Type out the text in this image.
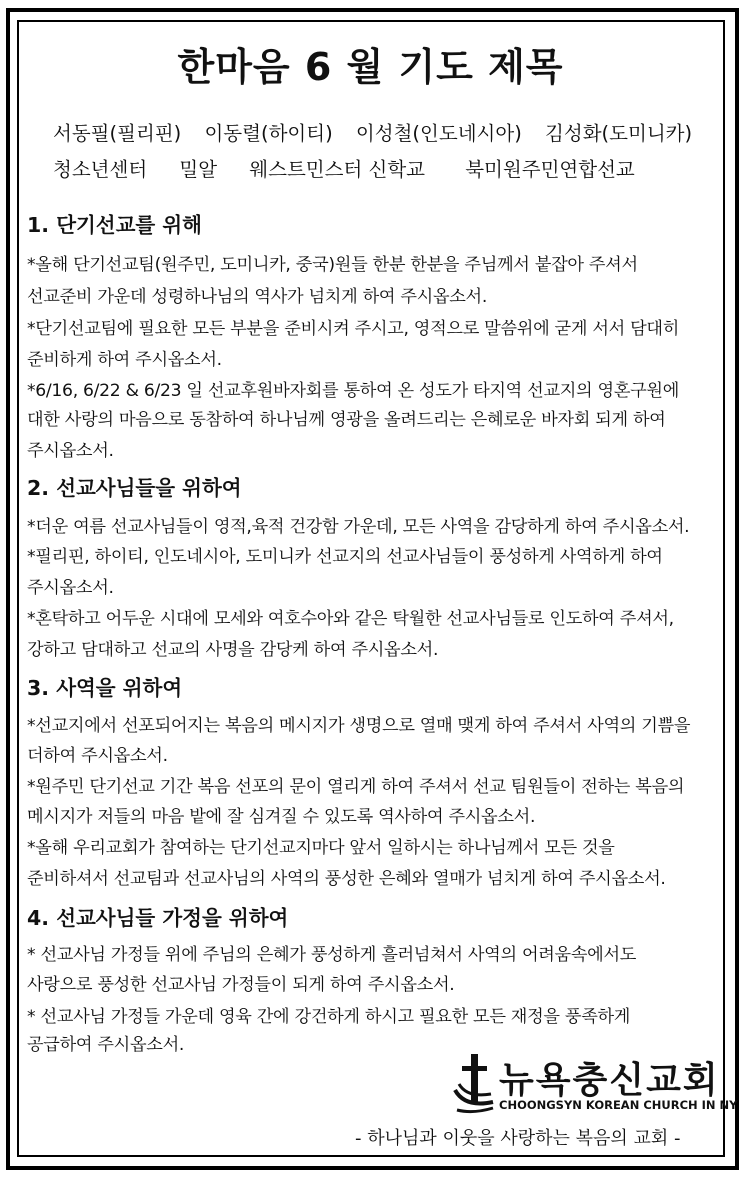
한마음 6 월 기도 제목
서동필(필리핀) 이동렬(하이티) 이성철(인도네시아) 김성화(도미니카)
청소년센터 밀알 웨스트민스터 신학교 북미원주민연합선교
1. 단기선교를 위해
*올해 단기선교팀(원주민, 도미니카, 중국)원들 한분 한분을 주님께서 붙잡아 주셔서
선교준비 가운데 성령하나님의 역사가 넘치게 하여 주시옵소서.
*단기선교팀에 필요한 모든 부분을 준비시켜 주시고, 영적으로 말씀위에 굳게 서서 담대히
준비하게 하여 주시옵소서.
*6/16, 6/22 & 6/23 일 선교후원바자회를 통하여 온 성도가 타지역 선교지의 영혼구원에
대한 사랑의 마음으로 동참하여 하나님께 영광을 올려드리는 은혜로운 바자회 되게 하여
주시옵소서.
2. 선교사님들을 위하여
*더운 여름 선교사님들이 영적,육적 건강함 가운데, 모든 사역을 감당하게 하여 주시옵소서.
*필리핀, 하이티, 인도네시아, 도미니카 선교지의 선교사님들이 풍성하게 사역하게 하여
주시옵소서.
*혼탁하고 어두운 시대에 모세와 여호수아와 같은 탁월한 선교사님들로 인도하여 주셔서,
강하고 담대하고 선교의 사명을 감당케 하여 주시옵소서.
3. 사역을 위하여
*선교지에서 선포되어지는 복음의 메시지가 생명으로 열매 맺게 하여 주셔서 사역의 기쁨을
더하여 주시옵소서.
*원주민 단기선교 기간 복음 선포의 문이 열리게 하여 주셔서 선교 팀원들이 전하는 복음의
메시지가 저들의 마음 밭에 잘 심겨질 수 있도록 역사하여 주시옵소서.
*올해 우리교회가 참여하는 단기선교지마다 앞서 일하시는 하나님께서 모든 것을
준비하셔서 선교팀과 선교사님의 사역의 풍성한 은혜와 열매가 넘치게 하여 주시옵소서.
4. 선교사님들 가정을 위하여
* 선교사님 가정들 위에 주님의 은혜가 풍성하게 흘러넘쳐서 사역의 어려움속에서도
사랑으로 풍성한 선교사님 가정들이 되게 하여 주시옵소서.
* 선교사님 가정들 가운데 영육 간에 강건하게 하시고 필요한 모든 재정을 풍족하게
공급하여 주시옵소서.
뉴욕충신교회
CHOONGSYN KOREAN CHURCH IN NY
- 하나님과 이웃을 사랑하는 복음의 교회 -
